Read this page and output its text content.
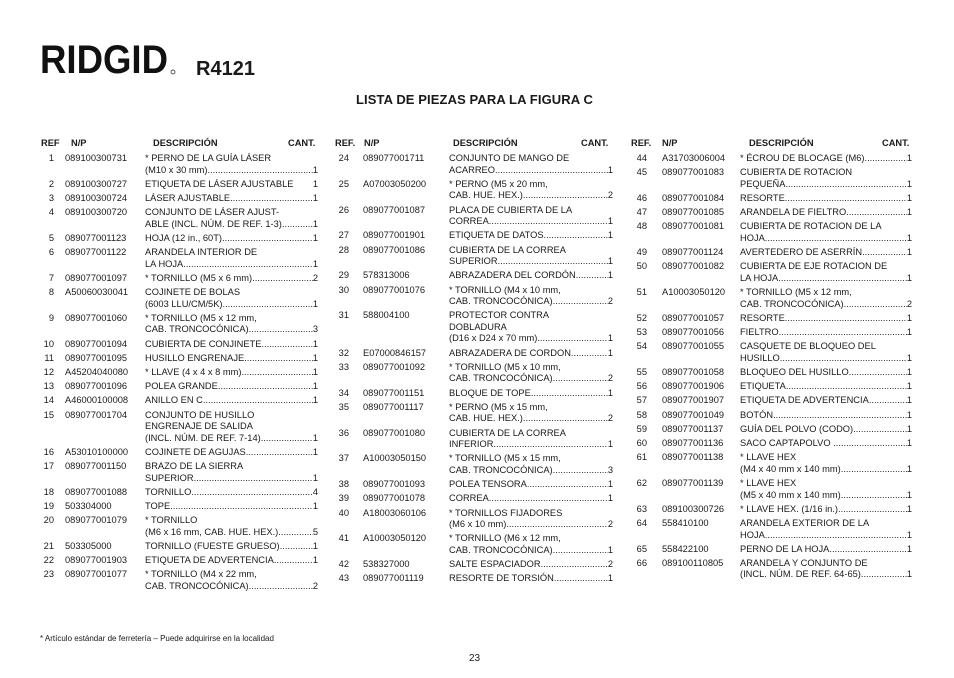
RIDGID R4121
LISTA DE PIEZAS PARA LA FIGURA C
REF N/P	DESCRIPCIÓN	CANT. REF. N/P	DESCRIPCIÓN	CANT. REF. N/P	DESCRIPCIÓN	CANT.
1 089100300731 * PERNO DE LA GUÍA LÁSER
(M10 x 30 mm) .....	1
2 089100300727 ETIQUETA DE LÁSER AJUSTABLE 1
3 089100300724 LÁSER AJUSTABLE .....	1
4 089100300720 CONJUNTO DE LÁSER AJUST-
ABLE (INCL. NÚM. DE REF. 1-3) .....	1
5 089077001123 HOJA (12 in., 60T) .....	1
6 089077001122 ARANDELA INTERIOR DE
LA HOJA .....	1
7 089077001097 * TORNILLO (M5 x 6 mm) .....	2
8 A50060030041 COJINETE DE BOLAS
(6003 LLU/CM/5K) .....	1
9 089077001060 * TORNILLO (M5 x 12 mm,
CAB. TRONCOCÓNICA) .....	3
10 089077001094 CUBIERTA DE CONJINETE .....	1
11 089077001095 HUSILLO ENGRENAJE .....	1
12 A45204040080 * LLAVE (4 x 4 x 8 mm) .....	1
13 089077001096 POLEA GRANDE .....	1
14 A46000100008 ANILLO EN C .....	1
15 089077001704 CONJUNTO DE HUSILLO
ENGRENAJE DE SALIDA
(INCL. NÚM. DE REF. 7-14) .....	1
16 A53010100000 COJINETE DE AGUJAS .....	1
17 089077001150 BRAZO DE LA SIERRA
SUPERIOR .....	1
18 089077001088 TORNILLO .....	4
19 503304000	TOPE .....	1
20 089077001079 * TORNILLO
(M6 x 16 mm, CAB. HUE. HEX.) .....	5
21 503305000	TORNILLO (FUESTE GRUESO) .....	1
22 089077001903 ETIQUETA DE ADVERTENCIA .....	1
23 089077001077 * TORNILLO (M4 x 22 mm,
CAB. TRONCOCÓNICA) .....	2
24 089077001711	CONJUNTO DE MANGO DE
ACARREO .....	1
25 A07003050200 * PERNO (M5 x 20 mm,
CAB. HUE. HEX.) .....	2
26 089077001087	PLACA DE CUBIERTA DE LA
CORREA .....	1
27 089077001901	ETIQUETA DE DATOS .....	1
28 089077001086	CUBIERTA DE LA CORREA
SUPERIOR .....	1
29 578313006	ABRAZADERA DEL CORDÓN .....	1
30 089077001076	* TORNILLO (M4 x 10 mm,
CAB. TRONCOCÓNICA) .....	2
31 588004100	PROTECTOR CONTRA
DOBLADURA
(D16 x D24 x 70 mm) .....	1
32 E07000846157 ABRAZADERA DE CORDON .....	1
33 089077001092	* TORNILLO (M5 x 10 mm,
CAB. TRONCOCÓNICA) .....	2
34 089077001151	BLOQUE DE TOPE .....	1
35 089077001117	* PERNO (M5 x 15 mm,
CAB. HUE. HEX.) .....	2
36 089077001080	CUBIERTA DE LA CORREA
INFERIOR .....	1
37 A10003050150 * TORNILLO (M5 x 15 mm,
CAB. TRONCOCÓNICA) .....	3
38 089077001093	POLEA TENSORA .....	1
39 089077001078	CORREA .....	1
40 A18003060106 * TORNILLOS FIJADORES
(M6 x 10 mm) .....	2
41 A10003050120 * TORNILLO (M6 x 12 mm,
CAB. TRONCOCÓNICA) .....	1
42 538327000	SALTE ESPACIADOR .....	2
43 089077001119	RESORTE DE TORSIÓN .....	1
44 A31703006004 * ÉCROU DE BLOCAGE (M6) .....	1
45 089077001083 CUBIERTA DE ROTACION
PEQUEÑA .....	1
46 089077001084 RESORTE .....	1
47 089077001085 ARANDELA DE FIELTRO .....	1
48 089077001081 CUBIERTA DE ROTACION DE LA
HOJA .....	1
49 089077001124 AVERTEDERO DE ASERRÍN .....	1
50 089077001082 CUBIERTA DE EJE ROTACION DE
LA HOJA .....	1
51 A10003050120 * TORNILLO (M5 x 12 mm,
CAB. TRONCOCÓNICA) .....	2
52 089077001057 RESORTE .....	1
53 089077001056 FIELTRO .....	1
54 089077001055 CASQUETE DE BLOQUEO DEL
HUSILLO .....	1
55 089077001058 BLOQUEO DEL HUSILLO .....	1
56 089077001906 ETIQUETA .....	1
57 089077001907 ETIQUETA DE ADVERTENCIA .....	1
58 089077001049 BOTÓN .....	1
59 089077001137 GUÍA DEL POLVO (CODO) .....	1
60 089077001136 SACO CAPTAPOLVO . .....	1
61 089077001138 * LLAVE HEX
(M4 x 40 mm x 140 mm) .....	1
62 089077001139 * LLAVE HEX
(M5 x 40 mm x 140 mm) .....	1
63 089100300726 * LLAVE HEX. (1/16 in.) .....	1
64 558410100	ARANDELA EXTERIOR DE LA
HOJA .....	1
65 558422100	PERNO DE LA HOJA .....	1
66 089100110805 ARANDELA Y CONJUNTO DE
(INCL. NÚM. DE REF. 64-65) .....	1
* Artículo estándar de ferretería – Puede adquirirse en la localidad
23
